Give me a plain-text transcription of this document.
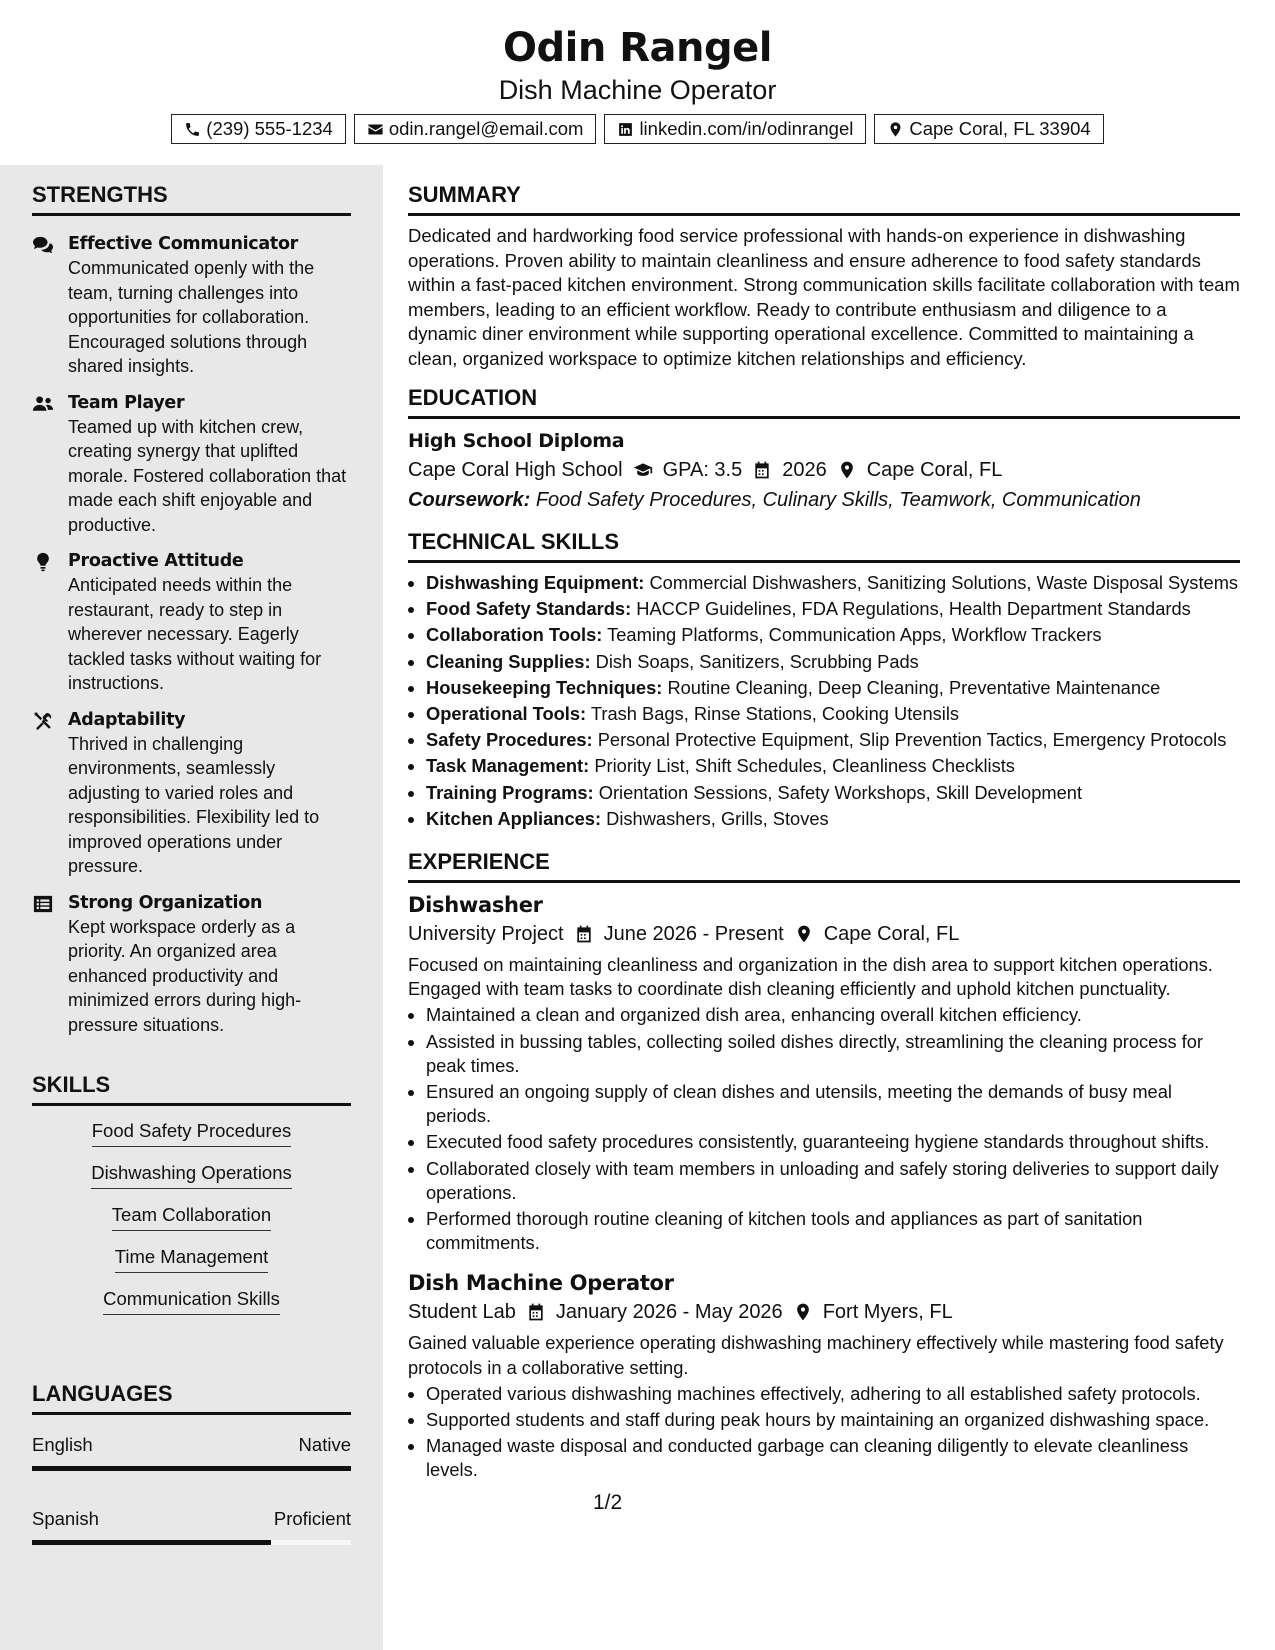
Odin Rangel
Dish Machine Operator
(239) 555-1234	odin.rangel@email.com	linkedin.com/in/odinrangel	Cape Coral, FL 33904
STRENGTHS
Effective Communicator
Communicated openly with the team, turning challenges into opportunities for collaboration. Encouraged solutions through shared insights.
Team Player
Teamed up with kitchen crew, creating synergy that uplifted morale. Fostered collaboration that made each shift enjoyable and productive.
Proactive Attitude
Anticipated needs within the restaurant, ready to step in wherever necessary. Eagerly tackled tasks without waiting for instructions.
Adaptability
Thrived in challenging environments, seamlessly adjusting to varied roles and responsibilities. Flexibility led to improved operations under pressure.
Strong Organization
Kept workspace orderly as a priority. An organized area enhanced productivity and minimized errors during high-pressure situations.
SKILLS
Food Safety Procedures
Dishwashing Operations
Team Collaboration
Time Management
Communication Skills
LANGUAGES
English	Native
Spanish	Proficient
SUMMARY

Dedicated and hardworking food service professional with hands-on experience in dishwashing operations. Proven ability to maintain cleanliness and ensure adherence to food safety standards within a fast-paced kitchen environment. Strong communication skills facilitate collaboration with team members, leading to an efficient workflow. Ready to contribute enthusiasm and diligence to a dynamic diner environment while supporting operational excellence. Committed to maintaining a clean, organized workspace to optimize kitchen relationships and efficiency.

EDUCATION
High School Diploma
Cape Coral High School GPA: 3.5 2026 Cape Coral, FL
Coursework: Food Safety Procedures, Culinary Skills, Teamwork, Communication
TECHNICAL SKILLS
• Dishwashing Equipment: Commercial Dishwashers, Sanitizing Solutions, Waste Disposal Systems
• Food Safety Standards: HACCP Guidelines, FDA Regulations, Health Department Standards
• Collaboration Tools: Teaming Platforms, Communication Apps, Workflow Trackers
• Cleaning Supplies: Dish Soaps, Sanitizers, Scrubbing Pads
• Housekeeping Techniques: Routine Cleaning, Deep Cleaning, Preventative Maintenance
• Operational Tools: Trash Bags, Rinse Stations, Cooking Utensils
• Safety Procedures: Personal Protective Equipment, Slip Prevention Tactics, Emergency Protocols
• Task Management: Priority List, Shift Schedules, Cleanliness Checklists
• Training Programs: Orientation Sessions, Safety Workshops, Skill Development
• Kitchen Appliances: Dishwashers, Grills, Stoves
EXPERIENCE
Dishwasher
University Project June 2026 - Present Cape Coral, FL
Focused on maintaining cleanliness and organization in the dish area to support kitchen operations. Engaged with team tasks to coordinate dish cleaning efficiently and uphold kitchen punctuality.
• Maintained a clean and organized dish area, enhancing overall kitchen efficiency.
• Assisted in bussing tables, collecting soiled dishes directly, streamlining the cleaning process for peak times.
• Ensured an ongoing supply of clean dishes and utensils, meeting the demands of busy meal periods.
• Executed food safety procedures consistently, guaranteeing hygiene standards throughout shifts.
• Collaborated closely with team members in unloading and safely storing deliveries to support daily operations.
• Performed thorough routine cleaning of kitchen tools and appliances as part of sanitation commitments.
Dish Machine Operator
Student Lab January 2026 - May 2026 Fort Myers, FL
Gained valuable experience operating dishwashing machinery effectively while mastering food safety protocols in a collaborative setting.
• Operated various dishwashing machines effectively, adhering to all established safety protocols.
• Supported students and staff during peak hours by maintaining an organized dishwashing space.
• Managed waste disposal and conducted garbage can cleaning diligently to elevate cleanliness levels.
1/2
